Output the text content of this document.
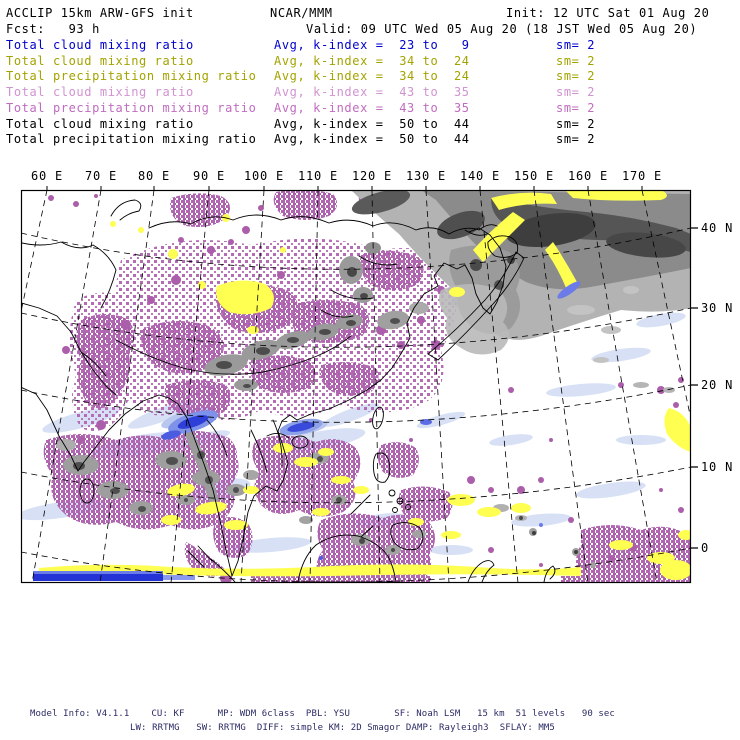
ACCLIP 15km ARW-GFS init	NCAR/MMM	Init: 12 UTC Sat 01 Aug 20
Fcst:   93 h	Valid: 09 UTC Wed 05 Aug 20 (18 JST Wed 05 Aug 20)
Total cloud mixing ratio	Avg, k-index =  23 to   9	sm= 2
Total cloud mixing ratio	Avg, k-index =  34 to  24	sm= 2
Total precipitation mixing ratio Avg, k-index =  34 to  24	sm= 2
Total cloud mixing ratio	Avg, k-index =  43 to  35	sm= 2
Total precipitation mixing ratio Avg, k-index =  43 to  35	sm= 2
Total cloud mixing ratio	Avg, k-index =  50 to  44	sm= 2
Total precipitation mixing ratio Avg, k-index =  50 to  44	sm= 2
60 E 70 E 80 E 90 E 100 E 110 E 120 E 130 E 140 E 150 E 160 E 170 E
40 N
30 N
20 N
10 N
0
Model Info: V4.1.1    CU: KF      MP: WDM 6class  PBL: YSU        SF: Noah LSM   15 km  51 levels   90 sec
LW: RRTMG   SW: RRTMG  DIFF: simple KM: 2D Smagor DAMP: Rayleigh3  SFLAY: MM5
